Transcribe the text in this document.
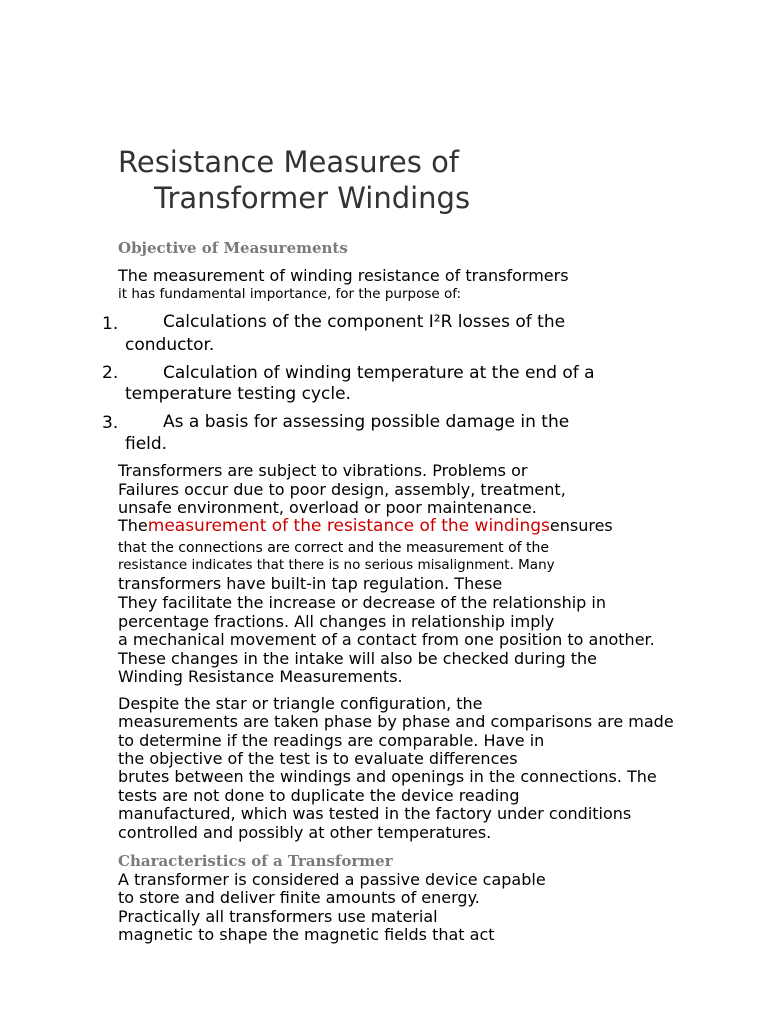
Resistance Measures of
Transformer Windings
Objective of Measurements
The measurement of winding resistance of transformers
it has fundamental importance, for the purpose of:
1.	Calculations of the component I²R losses of the
conductor.
2.	Calculation of winding temperature at the end of a
temperature testing cycle.
3.	As a basis for assessing possible damage in the
field.
Transformers are subject to vibrations. Problems or
Failures occur due to poor design, assembly, treatment,
unsafe environment, overload or poor maintenance.
Themeasurement of the resistance of the windingsensures
that the connections are correct and the measurement of the
resistance indicates that there is no serious misalignment. Many
transformers have built-in tap regulation. These
They facilitate the increase or decrease of the relationship in
percentage fractions. All changes in relationship imply
a mechanical movement of a contact from one position to another.
These changes in the intake will also be checked during the
Winding Resistance Measurements.
Despite the star or triangle configuration, the
measurements are taken phase by phase and comparisons are made
to determine if the readings are comparable. Have in
the objective of the test is to evaluate differences
brutes between the windings and openings in the connections. The
tests are not done to duplicate the device reading
manufactured, which was tested in the factory under conditions
controlled and possibly at other temperatures.
Characteristics of a Transformer
A transformer is considered a passive device capable
to store and deliver finite amounts of energy.
Practically all transformers use material
magnetic to shape the magnetic fields that act
